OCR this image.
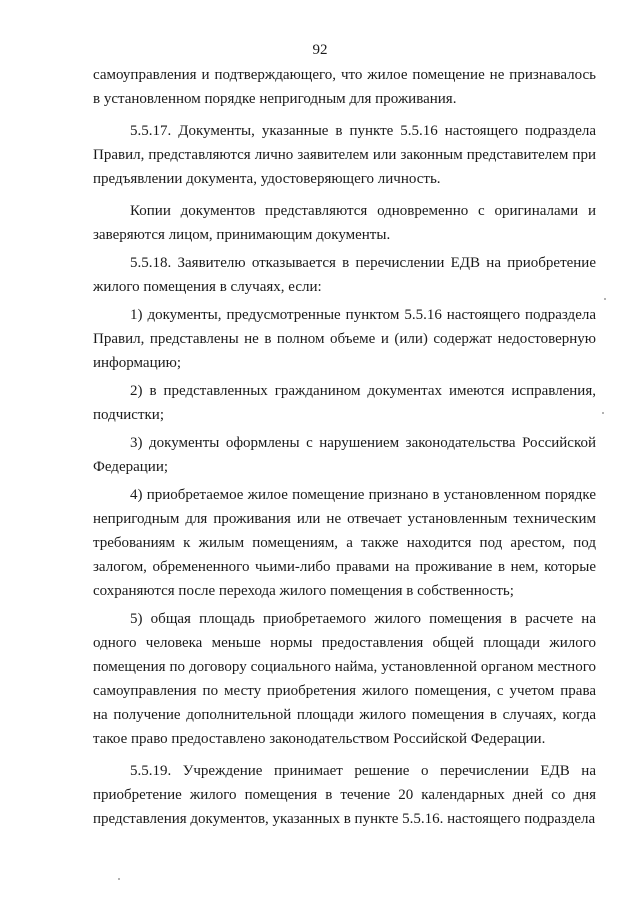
92

самоуправления и подтверждающего, что жилое помещение не признавалось в установленном порядке непригодным для проживания.

5.5.17. Документы, указанные в пункте 5.5.16 настоящего подраздела Правил, представляются лично заявителем или законным представителем при предъявлении документа, удостоверяющего личность.

Копии документов представляются одновременно с оригиналами и заверяются лицом, принимающим документы.

5.5.18. Заявителю отказывается в перечислении ЕДВ на приобретение жилого помещения в случаях, если:

1) документы, предусмотренные пунктом 5.5.16 настоящего подраздела Правил, представлены не в полном объеме и (или) содержат недостоверную информацию;

2) в представленных гражданином документах имеются исправления, подчистки;

3) документы оформлены с нарушением законодательства Российской Федерации;

4) приобретаемое жилое помещение признано в установленном порядке непригодным для проживания или не отвечает установленным техническим требованиям к жилым помещениям, а также находится под арестом, под залогом, обремененного чьими-либо правами на проживание в нем, которые сохраняются после перехода жилого помещения в собственность;

5) общая площадь приобретаемого жилого помещения в расчете на одного человека меньше нормы предоставления общей площади жилого помещения по договору социального найма, установленной органом местного самоуправления по месту приобретения жилого помещения, с учетом права на получение дополнительной площади жилого помещения в случаях, когда такое право предоставлено законодательством Российской Федерации.

5.5.19. Учреждение принимает решение о перечислении ЕДВ на приобретение жилого помещения в течение 20 календарных дней со дня представления документов, указанных в пункте 5.5.16. настоящего подраздела
